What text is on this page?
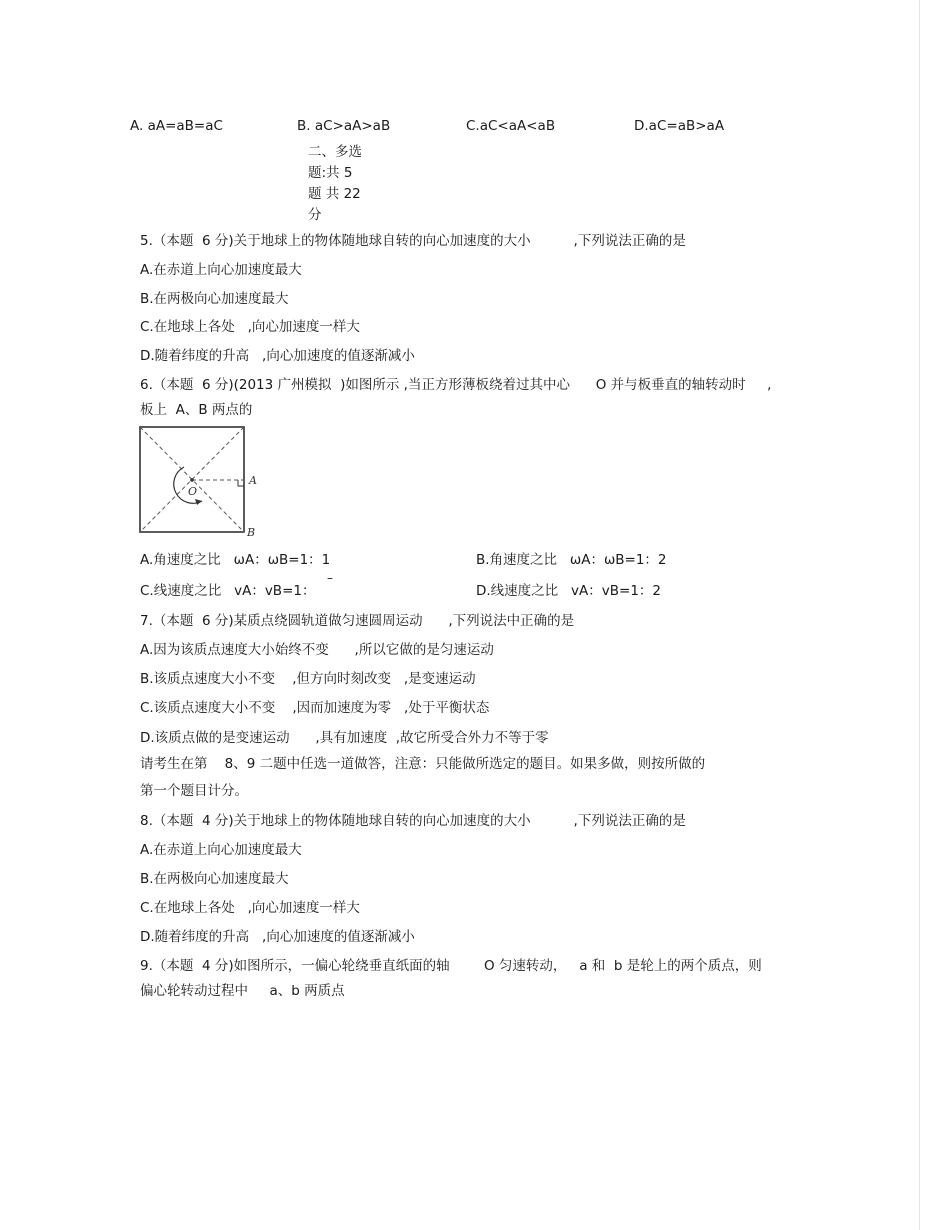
A. aA=aB=aC	B. aC>aA>aB	C.aC<aA<aB	D.aC=aB>aA
二、多选
题:共 5
题 共 22
分
5.（本题  6 分)关于地球上的物体随地球自转的向心加速度的大小          ,下列说法正确的是
A.在赤道上向心加速度最大
B.在两极向心加速度最大
C.在地球上各处   ,向心加速度一样大
D.随着纬度的升高   ,向心加速度的值逐渐减小
6.（本题  6 分)(2013 广州模拟  )如图所示 ,当正方形薄板绕着过其中心      O 并与板垂直的轴转动时     ,
板上  A、B 两点的
O
A
B
A.角速度之比   ωA：ωB=1：1	B.角速度之比   ωA：ωB=1：2
–
C.线速度之比   vA：vB=1：	D.线速度之比   vA：vB=1：2
7.（本题  6 分)某质点绕圆轨道做匀速圆周运动      ,下列说法中正确的是
A.因为该质点速度大小始终不变      ,所以它做的是匀速运动
B.该质点速度大小不变    ,但方向时刻改变   ,是变速运动
C.该质点速度大小不变    ,因而加速度为零   ,处于平衡状态
D.该质点做的是变速运动      ,具有加速度  ,故它所受合外力不等于零
请考生在第    8、9 二题中任选一道做答，注意：只能做所选定的题目。如果多做，则按所做的
第一个题目计分。
8.（本题  4 分)关于地球上的物体随地球自转的向心加速度的大小          ,下列说法正确的是
A.在赤道上向心加速度最大
B.在两极向心加速度最大
C.在地球上各处   ,向心加速度一样大
D.随着纬度的升高   ,向心加速度的值逐渐减小
9.（本题  4 分)如图所示，一偏心轮绕垂直纸面的轴        O 匀速转动，   a 和  b 是轮上的两个质点，则
偏心轮转动过程中     a、b 两质点
